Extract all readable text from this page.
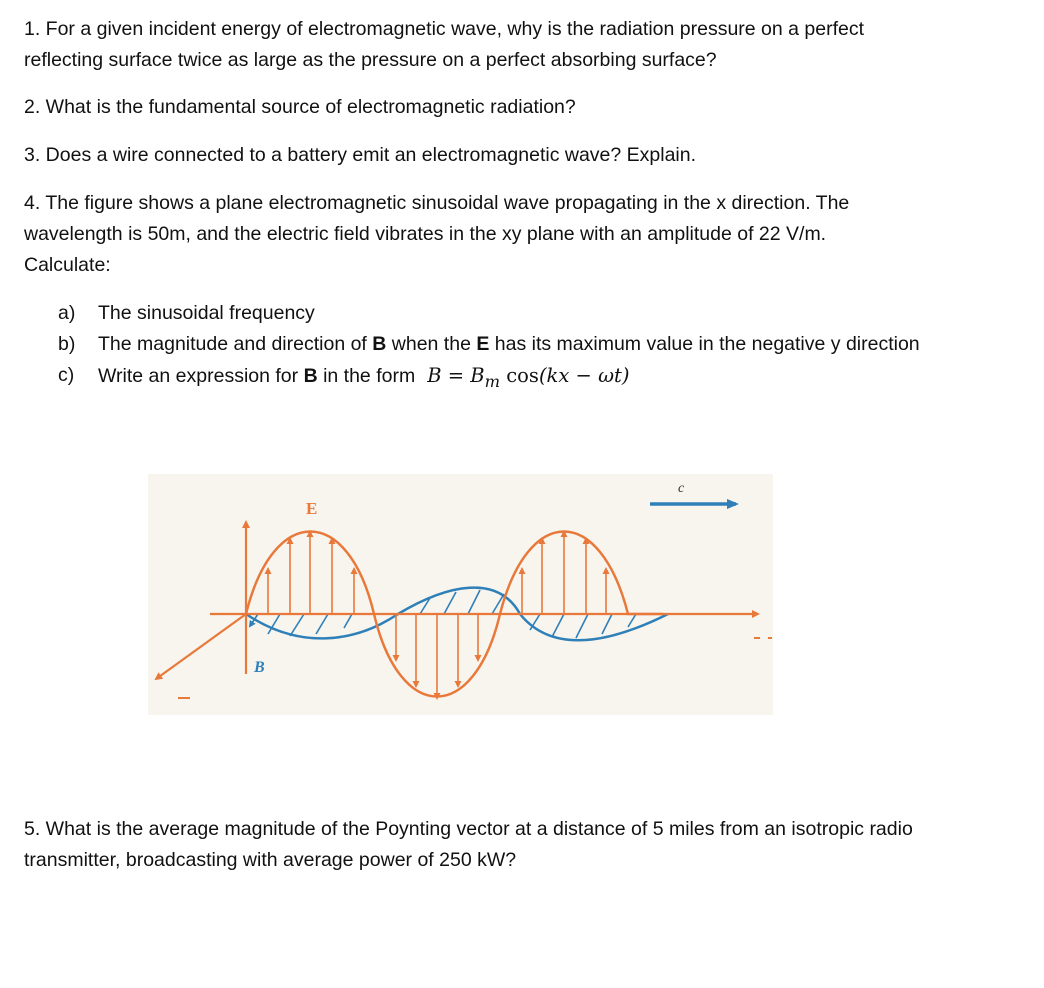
1. For a given incident energy of electromagnetic wave, why is the radiation pressure on a perfect
reflecting surface twice as large as the pressure on a perfect absorbing surface?
2. What is the fundamental source of electromagnetic radiation?
3. Does a wire connected to a battery emit an electromagnetic wave? Explain.
4. The figure shows a plane electromagnetic sinusoidal wave propagating in the x direction. The
wavelength is 50m, and the electric field vibrates in the xy plane with an amplitude of 22 V/m.
Calculate:
a)	The sinusoidal frequency
b)	The magnitude and direction of B when the E has its maximum value in the negative y direction
c)	Write an expression for B in the form $B = B_m$ cos(kx − ωt)
E
B
c
5. What is the average magnitude of the Poynting vector at a distance of 5 miles from an isotropic radio
transmitter, broadcasting with average power of 250 kW?
